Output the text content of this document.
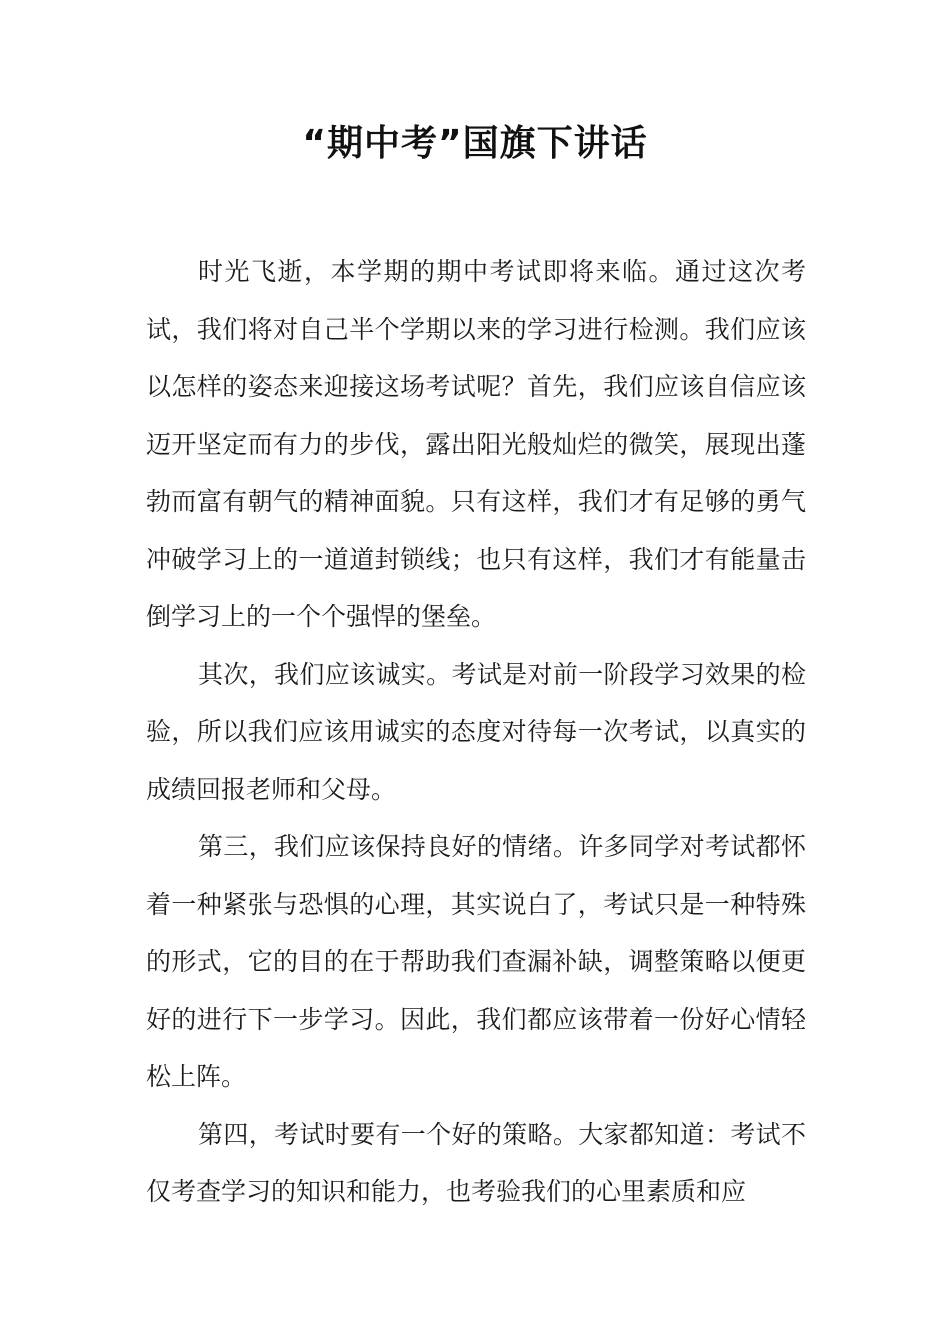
“期中考”国旗下讲话

时光飞逝，本学期的期中考试即将来临。通过这次考试，我们将对自己半个学期以来的学习进行检测。我们应该以怎样的姿态来迎接这场考试呢？首先，我们应该自信应该迈开坚定而有力的步伐，露出阳光般灿烂的微笑，展现出蓬勃而富有朝气的精神面貌。只有这样，我们才有足够的勇气冲破学习上的一道道封锁线；也只有这样，我们才有能量击倒学习上的一个个强悍的堡垒。

其次，我们应该诚实。考试是对前一阶段学习效果的检验，所以我们应该用诚实的态度对待每一次考试，以真实的成绩回报老师和父母。

第三，我们应该保持良好的情绪。许多同学对考试都怀着一种紧张与恐惧的心理，其实说白了，考试只是一种特殊的形式，它的目的在于帮助我们查漏补缺，调整策略以便更好的进行下一步学习。因此，我们都应该带着一份好心情轻松上阵。

第四，考试时要有一个好的策略。大家都知道：考试不仅考查学习的知识和能力，也考验我们的心里素质和应
